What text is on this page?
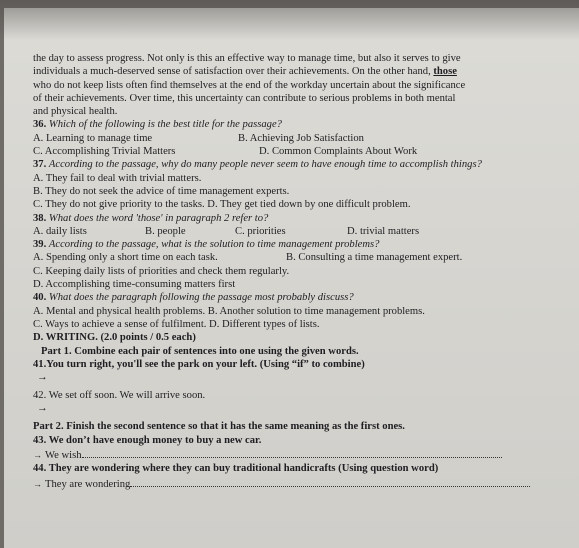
the day to assess progress. Not only is this an effective way to manage time, but also it serves to give
individuals a much-deserved sense of satisfaction over their achievements. On the other hand, those
who do not keep lists often find themselves at the end of the workday uncertain about the significance
of their achievements. Over time, this uncertainty can contribute to serious problems in both mental
and physical health.
36. Which of the following is the best title for the passage?
A. Learning to manage time	B. Achieving Job Satisfaction
C. Accomplishing Trivial Matters	D. Common Complaints About Work
37. According to the passage, why do many people never seem to have enough time to accomplish things?
A. They fail to deal with trivial matters.
B. They do not seek the advice of time management experts.
C. They do not give priority to the tasks. D. They get tied down by one difficult problem.
38. What does the word 'those' in paragraph 2 refer to?
A. daily lists	B. people	C. priorities	D. trivial matters
39. According to the passage, what is the solution to time management problems?
A. Spending only a short time on each task.	B. Consulting a time management expert.
C. Keeping daily lists of priorities and check them regularly.
D. Accomplishing time-consuming matters first
40. What does the paragraph following the passage most probably discuss?
A. Mental and physical health problems. B. Another solution to time management problems.
C. Ways to achieve a sense of fulfilment. D. Different types of lists.
D. WRITING. (2.0 points / 0.5 each)
Part 1. Combine each pair of sentences into one using the given words.
41.You turn right, you'll see the park on your left. (Using “if” to combine)
→
42. We set off soon. We will arrive soon.
→
Part 2. Finish the second sentence so that it has the same meaning as the first ones.
43. We don’t have enough money to buy a new car.
→ We wish
44. They are wondering where they can buy traditional handicrafts (Using question word)
→ They are wondering
